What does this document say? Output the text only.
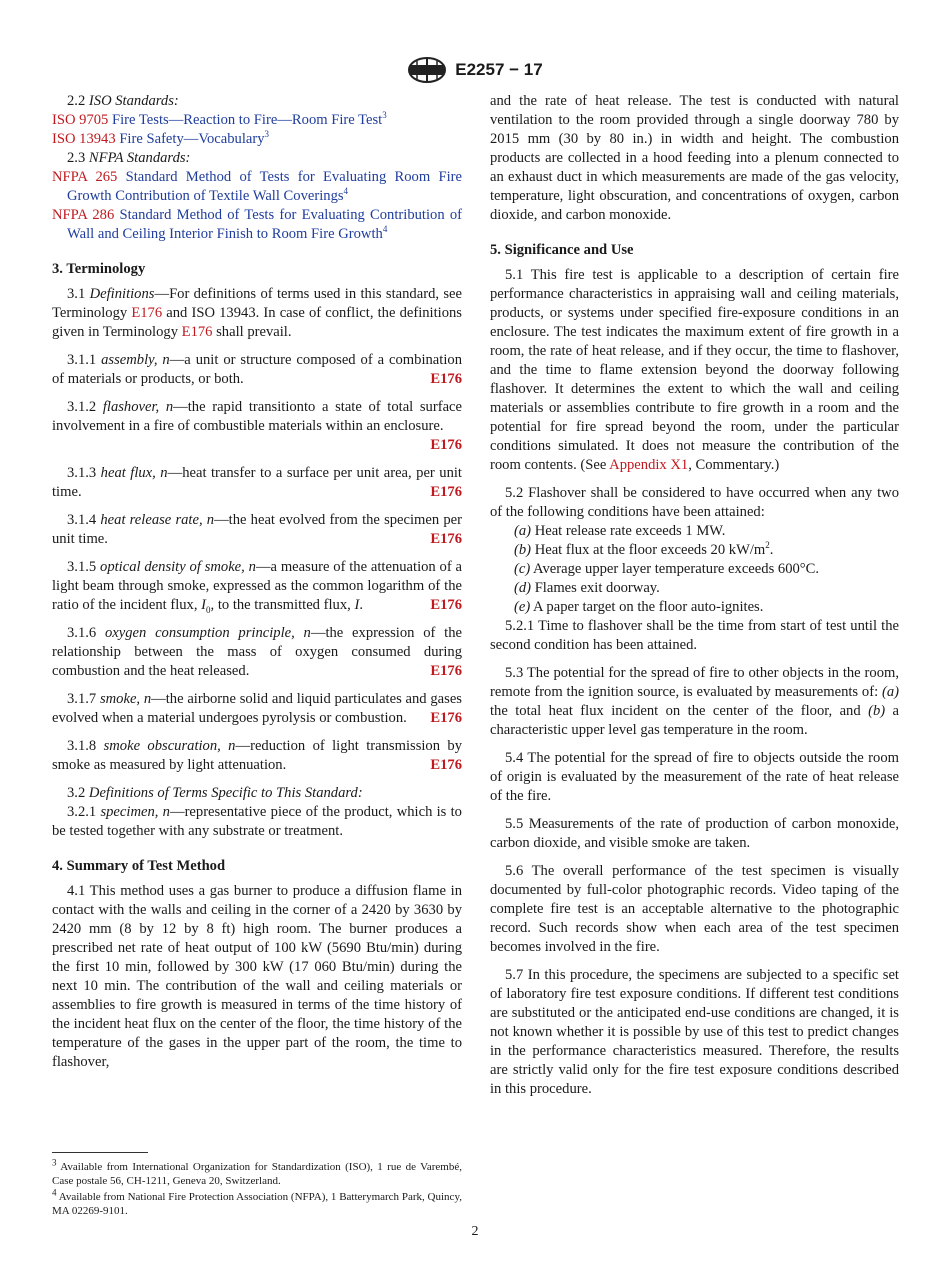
E2257 − 17

2.2 ISO Standards:

ISO 9705 Fire Tests—Reaction to Fire—Room Fire Test$^3$

ISO 13943 Fire Safety—Vocabulary$^3$

2.3 NFPA Standards:

NFPA 265 Standard Method of Tests for Evaluating Room Fire Growth Contribution of Textile Wall Coverings$^4$

NFPA 286 Standard Method of Tests for Evaluating Contribution of Wall and Ceiling Interior Finish to Room Fire Growth$^4$

3. Terminology

3.1 Definitions—For definitions of terms used in this standard, see Terminology E176 and ISO 13943. In case of conflict, the definitions given in Terminology E176 shall prevail.

3.1.1 assembly, n—a unit or structure composed of a combination of materials or products, or both.	E176

3.1.2 flashover, n—the rapid transitionto a state of total surface involvement in a fire of combustible materials within an enclosure.
E176

3.1.3 heat flux, n—heat transfer to a surface per unit area, per unit time.	E176

3.1.4 heat release rate, n—the heat evolved from the specimen per unit time.	E176

3.1.5 optical density of smoke, n—a measure of the attenuation of a light beam through smoke, expressed as the common logarithm of the ratio of the incident flux, $I_0$, to the transmitted flux, I.	E176

3.1.6 oxygen consumption principle, n—the expression of the relationship between the mass of oxygen consumed during combustion and the heat released.	E176

3.1.7 smoke, n—the airborne solid and liquid particulates and gases evolved when a material undergoes pyrolysis or combustion.	E176

3.1.8 smoke obscuration, n—reduction of light transmission by smoke as measured by light attenuation.	E176

3.2 Definitions of Terms Specific to This Standard:

3.2.1 specimen, n—representative piece of the product, which is to be tested together with any substrate or treatment.

4. Summary of Test Method

4.1 This method uses a gas burner to produce a diffusion flame in contact with the walls and ceiling in the corner of a 2420 by 3630 by 2420 mm (8 by 12 by 8 ft) high room. The burner produces a prescribed net rate of heat output of 100 kW (5690 Btu/min) during the first 10 min, followed by 300 kW (17 060 Btu/min) during the next 10 min. The contribution of the wall and ceiling materials or assemblies to fire growth is measured in terms of the time history of the incident heat flux on the center of the floor, the time history of the temperature of the gases in the upper part of the room, the time to flashover,

$^3$ Available from International Organization for Standardization (ISO), 1 rue de Varembé, Case postale 56, CH-1211, Geneva 20, Switzerland.

$^4$ Available from National Fire Protection Association (NFPA), 1 Batterymarch Park, Quincy, MA 02269-9101.

and the rate of heat release. The test is conducted with natural ventilation to the room provided through a single doorway 780 by 2015 mm (30 by 80 in.) in width and height. The combustion products are collected in a hood feeding into a plenum connected to an exhaust duct in which measurements are made of the gas velocity, temperature, light obscuration, and concentrations of oxygen, carbon dioxide, and carbon monoxide.

5. Significance and Use

5.1 This fire test is applicable to a description of certain fire performance characteristics in appraising wall and ceiling materials, products, or systems under specified fire-exposure conditions in an enclosure. The test indicates the maximum extent of fire growth in a room, the rate of heat release, and if they occur, the time to flashover, and the time to flame extension beyond the doorway following flashover. It determines the extent to which the wall and ceiling materials or assemblies contribute to fire growth in a room and the potential for fire spread beyond the room, under the particular conditions simulated. It does not measure the contribution of the room contents. (See Appendix X1, Commentary.)

5.2 Flashover shall be considered to have occurred when any two of the following conditions have been attained:

(a) Heat release rate exceeds 1 MW.

(b) Heat flux at the floor exceeds 20 $kW/m^2$.

(c) Average upper layer temperature exceeds 600°C.

(d) Flames exit doorway.

(e) A paper target on the floor auto-ignites.

5.2.1 Time to flashover shall be the time from start of test until the second condition has been attained.

5.3 The potential for the spread of fire to other objects in the room, remote from the ignition source, is evaluated by measurements of: (a) the total heat flux incident on the center of the floor, and (b) a characteristic upper level gas temperature in the room.

5.4 The potential for the spread of fire to objects outside the room of origin is evaluated by the measurement of the rate of heat release of the fire.

5.5 Measurements of the rate of production of carbon monoxide, carbon dioxide, and visible smoke are taken.

5.6 The overall performance of the test specimen is visually documented by full-color photographic records. Video taping of the complete fire test is an acceptable alternative to the photographic record. Such records show when each area of the test specimen becomes involved in the fire.

5.7 In this procedure, the specimens are subjected to a specific set of laboratory fire test exposure conditions. If different test conditions are substituted or the anticipated end-use conditions are changed, it is not known whether it is possible by use of this test to predict changes in the performance characteristics measured. Therefore, the results are strictly valid only for the fire test exposure conditions described in this procedure.

2
